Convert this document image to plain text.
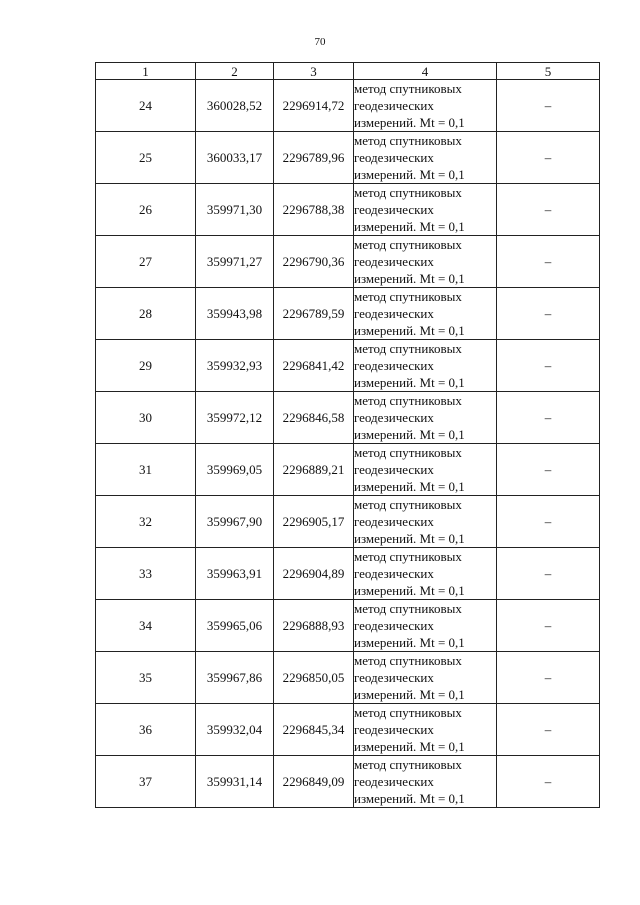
70
1	2	3	4	5
24	360028,52	2296914,72	метод спутниковых
геодезических
измерений. Mt = 0,1	–
25	360033,17	2296789,96	метод спутниковых
геодезических
измерений. Mt = 0,1	–
26	359971,30	2296788,38	метод спутниковых
геодезических
измерений. Mt = 0,1	–
27	359971,27	2296790,36	метод спутниковых
геодезических
измерений. Mt = 0,1	–
28	359943,98	2296789,59	метод спутниковых
геодезических
измерений. Mt = 0,1	–
29	359932,93	2296841,42	метод спутниковых
геодезических
измерений. Mt = 0,1	–
30	359972,12	2296846,58	метод спутниковых
геодезических
измерений. Mt = 0,1	–
31	359969,05	2296889,21	метод спутниковых
геодезических
измерений. Mt = 0,1	–
32	359967,90	2296905,17	метод спутниковых
геодезических
измерений. Mt = 0,1	–
33	359963,91	2296904,89	метод спутниковых
геодезических
измерений. Mt = 0,1	–
34	359965,06	2296888,93	метод спутниковых
геодезических
измерений. Mt = 0,1	–
35	359967,86	2296850,05	метод спутниковых
геодезических
измерений. Mt = 0,1	–
36	359932,04	2296845,34	метод спутниковых
геодезических
измерений. Mt = 0,1	–
37	359931,14	2296849,09	метод спутниковых
геодезических
измерений. Mt = 0,1	–
